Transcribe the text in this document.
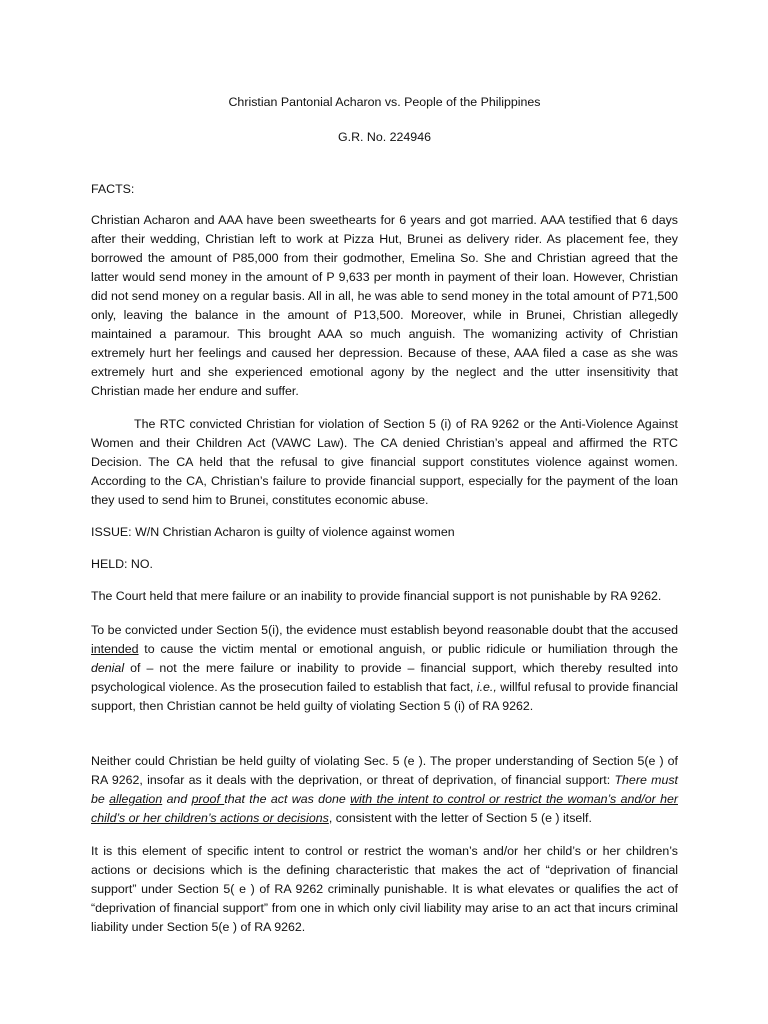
Christian Pantonial Acharon vs. People of the Philippines

G.R. No. 224946

FACTS:

Christian Acharon and AAA have been sweethearts for 6 years and got married. AAA testified that 6 days after their wedding, Christian left to work at Pizza Hut, Brunei as delivery rider. As placement fee, they borrowed the amount of P85,000 from their godmother, Emelina So. She and Christian agreed that the latter would send money in the amount of P 9,633 per month in payment of their loan. However, Christian did not send money on a regular basis. All in all, he was able to send money in the total amount of P71,500 only, leaving the balance in the amount of P13,500. Moreover, while in Brunei, Christian allegedly maintained a paramour. This brought AAA so much anguish. The womanizing activity of Christian extremely hurt her feelings and caused her depression. Because of these, AAA filed a case as she was extremely hurt and she experienced emotional agony by the neglect and the utter insensitivity that Christian made her endure and suffer.

The RTC convicted Christian for violation of Section 5 (i) of RA 9262 or the Anti-Violence Against Women and their Children Act (VAWC Law). The CA denied Christian’s appeal and affirmed the RTC Decision. The CA held that the refusal to give financial support constitutes violence against women. According to the CA, Christian’s failure to provide financial support, especially for the payment of the loan they used to send him to Brunei, constitutes economic abuse.

ISSUE: W/N Christian Acharon is guilty of violence against women

HELD: NO.

The Court held that mere failure or an inability to provide financial support is not punishable by RA 9262.

To be convicted under Section 5(i), the evidence must establish beyond reasonable doubt that the accused intended to cause the victim mental or emotional anguish, or public ridicule or humiliation through the denial of – not the mere failure or inability to provide – financial support, which thereby resulted into psychological violence. As the prosecution failed to establish that fact, i.e., willful refusal to provide financial support, then Christian cannot be held guilty of violating Section 5 (i) of RA 9262.

Neither could Christian be held guilty of violating Sec. 5 (e ). The proper understanding of Section 5(e ) of RA 9262, insofar as it deals with the deprivation, or threat of deprivation, of financial support: There must be allegation and proof that the act was done with the intent to control or restrict the woman’s and/or her child’s or her children’s actions or decisions, consistent with the letter of Section 5 (e ) itself.

It is this element of specific intent to control or restrict the woman’s and/or her child’s or her children’s actions or decisions which is the defining characteristic that makes the act of “deprivation of financial support” under Section 5( e ) of RA 9262 criminally punishable. It is what elevates or qualifies the act of “deprivation of financial support” from one in which only civil liability may arise to an act that incurs criminal liability under Section 5(e ) of RA 9262.
